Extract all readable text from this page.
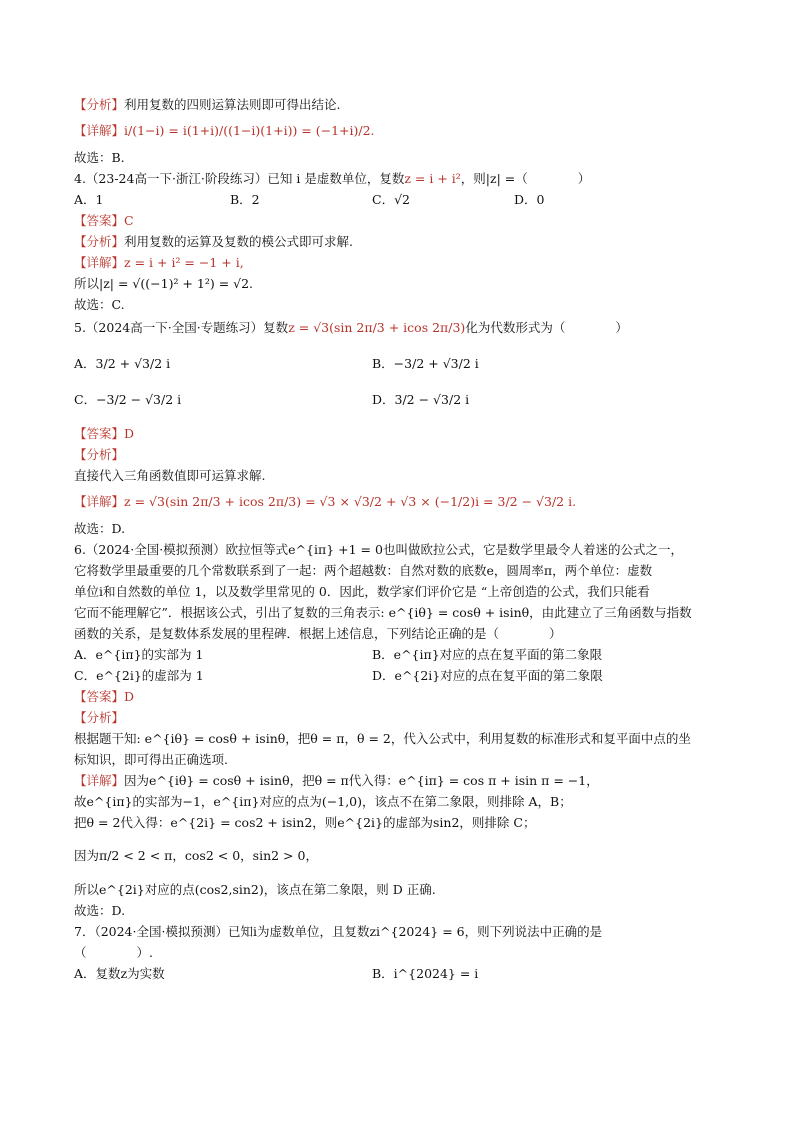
【分析】利用复数的四则运算法则即可得出结论.
【详解】i/(1−i) = i(1+i)/((1−i)(1+i)) = (−1+i)/2.
故选：B.
4.（23-24高一下·浙江·阶段练习）已知 i 是虚数单位，复数z = i + i²，则|z| =（　　　　）
A．1	B．2	C．√2	D．0
【答案】C
【分析】利用复数的运算及复数的模公式即可求解.
【详解】z = i + i² = −1 + i,
所以|z| = √((−1)² + 1²) = √2.
故选：C.
5.（2024高一下·全国·专题练习）复数z = √3(sin 2π/3 + icos 2π/3)化为代数形式为（　　　　）
A．3/2 + √3/2 i	B．−3/2 + √3/2 i
C．−3/2 − √3/2 i	D．3/2 − √3/2 i
【答案】D
【分析】
直接代入三角函数值即可运算求解.
【详解】z = √3(sin 2π/3 + icos 2π/3) = √3 × √3/2 + √3 × (−1/2)i = 3/2 − √3/2 i.
故选：D.
6.（2024·全国·模拟预测）欧拉恒等式e^{iπ} +1 = 0也叫做欧拉公式，它是数学里最令人着迷的公式之一，
它将数学里最重要的几个常数联系到了一起：两个超越数：自然对数的底数e，圆周率π，两个单位：虚数
单位i和自然数的单位 1，以及数学里常见的 0．因此，数学家们评价它是 “上帝创造的公式，我们只能看
它而不能理解它”．根据该公式，引出了复数的三角表示: e^{iθ} = cosθ + isinθ，由此建立了三角函数与指数
函数的关系，是复数体系发展的里程碑．根据上述信息，下列结论正确的是（　　　　）
A．e^{iπ}的实部为 1	B．e^{iπ}对应的点在复平面的第二象限
C．e^{2i}的虚部为 1	D．e^{2i}对应的点在复平面的第二象限
【答案】D
【分析】
根据题干知: e^{iθ} = cosθ + isinθ，把θ = π，θ = 2，代入公式中，利用复数的标准形式和复平面中点的坐
标知识，即可得出正确选项.
【详解】因为e^{iθ} = cosθ + isinθ，把θ = π代入得：e^{iπ} = cos π + isin π = −1，
故e^{iπ}的实部为−1，e^{iπ}对应的点为(−1,0)，该点不在第二象限，则排除 A，B；
把θ = 2代入得：e^{2i} = cos2 + isin2，则e^{2i}的虚部为sin2，则排除 C；
因为π/2 < 2 < π，cos2 < 0，sin2 > 0，
所以e^{2i}对应的点(cos2,sin2)，该点在第二象限，则 D 正确.
故选：D.
7．（2024·全国·模拟预测）已知i为虚数单位，且复数zi^{2024} = 6，则下列说法中正确的是
（　　　　）.
A．复数z为实数	B．i^{2024} = i
